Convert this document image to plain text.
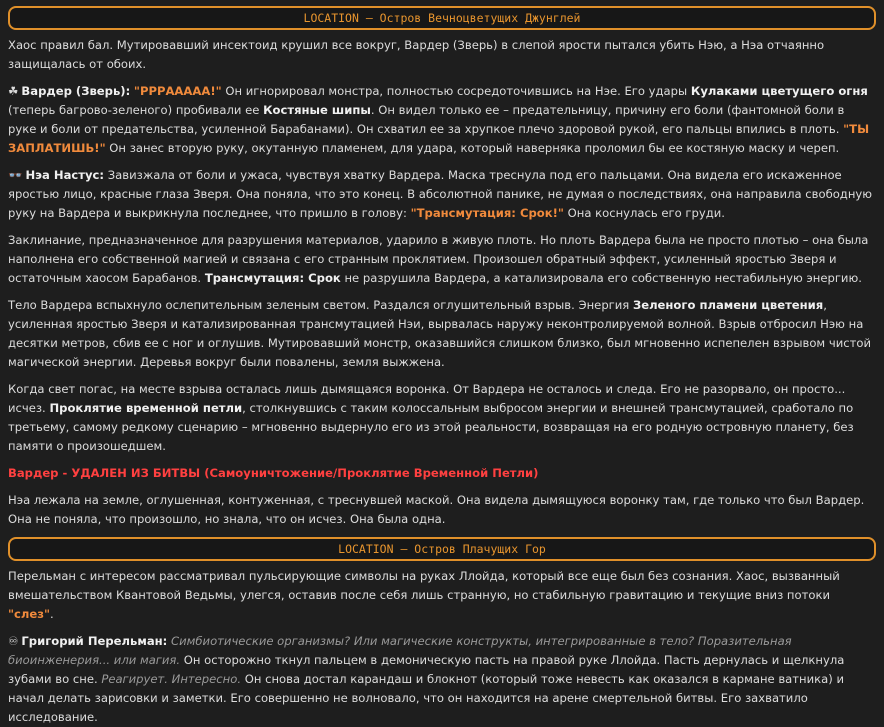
LOCATION — Остров Вечноцветущих Джунглей

Хаос правил бал. Мутировавший инсектоид крушил все вокруг, Вардер (Зверь) в слепой ярости пытался убить Нэю, а Нэа отчаянно защищалась от обоих.

☘ Вардер (Зверь): "РРРААААА!" Он игнорировал монстра, полностью сосредоточившись на Нэе. Его удары Кулаками цветущего огня (теперь багрово-зеленого) пробивали ее Костяные шипы. Он видел только ее – предательницу, причину его боли (фантомной боли в руке и боли от предательства, усиленной Барабанами). Он схватил ее за хрупкое плечо здоровой рукой, его пальцы впились в плоть. "ТЫ ЗАПЛАТИШЬ!" Он занес вторую руку, окутанную пламенем, для удара, который наверняка проломил бы ее костяную маску и череп.

👓 Нэа Настус: Завизжала от боли и ужаса, чувствуя хватку Вардера. Маска треснула под его пальцами. Она видела его искаженное яростью лицо, красные глаза Зверя. Она поняла, что это конец. В абсолютной панике, не думая о последствиях, она направила свободную руку на Вардера и выкрикнула последнее, что пришло в голову: "Трансмутация: Срок!" Она коснулась его груди.

Заклинание, предназначенное для разрушения материалов, ударило в живую плоть. Но плоть Вардера была не просто плотью – она была наполнена его собственной магией и связана с его странным проклятием. Произошел обратный эффект, усиленный яростью Зверя и остаточным хаосом Барабанов. Трансмутация: Срок не разрушила Вардера, а катализировала его собственную нестабильную энергию.

Тело Вардера вспыхнуло ослепительным зеленым светом. Раздался оглушительный взрыв. Энергия Зеленого пламени цветения, усиленная яростью Зверя и катализированная трансмутацией Нэи, вырвалась наружу неконтролируемой волной. Взрыв отбросил Нэю на десятки метров, сбив ее с ног и оглушив. Мутировавший монстр, оказавшийся слишком близко, был мгновенно испепелен взрывом чистой магической энергии. Деревья вокруг были повалены, земля выжжена.

Когда свет погас, на месте взрыва осталась лишь дымящаяся воронка. От Вардера не осталось и следа. Его не разорвало, он просто... исчез. Проклятие временной петли, столкнувшись с таким колоссальным выбросом энергии и внешней трансмутацией, сработало по третьему, самому редкому сценарию – мгновенно выдернуло его из этой реальности, возвращая на его родную островную планету, без памяти о произошедшем.

Вардер - УДАЛЕН ИЗ БИТВЫ (Самоуничтожение/Проклятие Временной Петли)

Нэа лежала на земле, оглушенная, контуженная, с треснувшей маской. Она видела дымящуюся воронку там, где только что был Вардер. Она не поняла, что произошло, но знала, что он исчез. Она была одна.

LOCATION — Остров Плачущих Гор

Перельман с интересом рассматривал пульсирующие символы на руках Ллойда, который все еще был без сознания. Хаос, вызванный вмешательством Квантовой Ведьмы, улегся, оставив после себя лишь странную, но стабильную гравитацию и текущие вниз потоки "слез".

♾ Григорий Перельман: Симбиотические организмы? Или магические конструкты, интегрированные в тело? Поразительная биоинженерия... или магия. Он осторожно ткнул пальцем в демоническую пасть на правой руке Ллойда. Пасть дернулась и щелкнула зубами во сне. Реагирует. Интересно. Он снова достал карандаш и блокнот (который тоже невесть как оказался в кармане ватника) и начал делать зарисовки и заметки. Его совершенно не волновало, что он находится на арене смертельной битвы. Его захватило исследование.
